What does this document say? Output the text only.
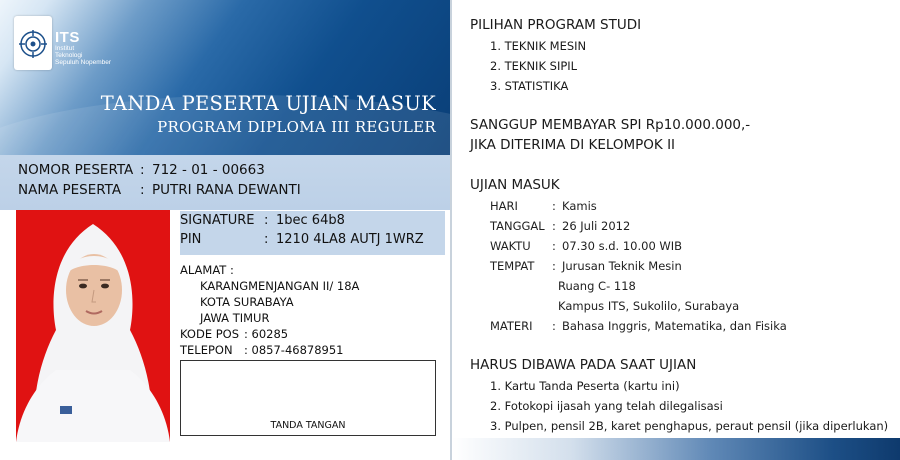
ITS
Institut
Teknologi
Sepuluh Nopember
TANDA PESERTA UJIAN MASUK
PROGRAM DIPLOMA III REGULER
NOMOR PESERTA : 712 - 01 - 00663
NAMA PESERTA : PUTRI RANA DEWANTI
SIGNATURE : 1bec 64b8
PIN	: 1210 4LA8 AUTJ 1WRZ
ALAMAT :
KARANGMENJANGAN II/ 18A
KOTA SURABAYA
JAWA TIMUR
KODE POS : 60285
TELEPON : 0857-46878951
TANDA TANGAN
PILIHAN PROGRAM STUDI
1. TEKNIK MESIN
2. TEKNIK SIPIL
3. STATISTIKA
SANGGUP MEMBAYAR SPI Rp10.000.000,-
JIKA DITERIMA DI KELOMPOK II
UJIAN MASUK
HARI	: Kamis
TANGGAL : 26 Juli 2012
WAKTU : 07.30 s.d. 10.00 WIB
TEMPAT : Jurusan Teknik Mesin
Ruang C- 118
Kampus ITS, Sukolilo, Surabaya
MATERI : Bahasa Inggris, Matematika, dan Fisika
HARUS DIBAWA PADA SAAT UJIAN
1. Kartu Tanda Peserta (kartu ini)
2. Fotokopi ijasah yang telah dilegalisasi
3. Pulpen, pensil 2B, karet penghapus, peraut pensil (jika diperlukan)
